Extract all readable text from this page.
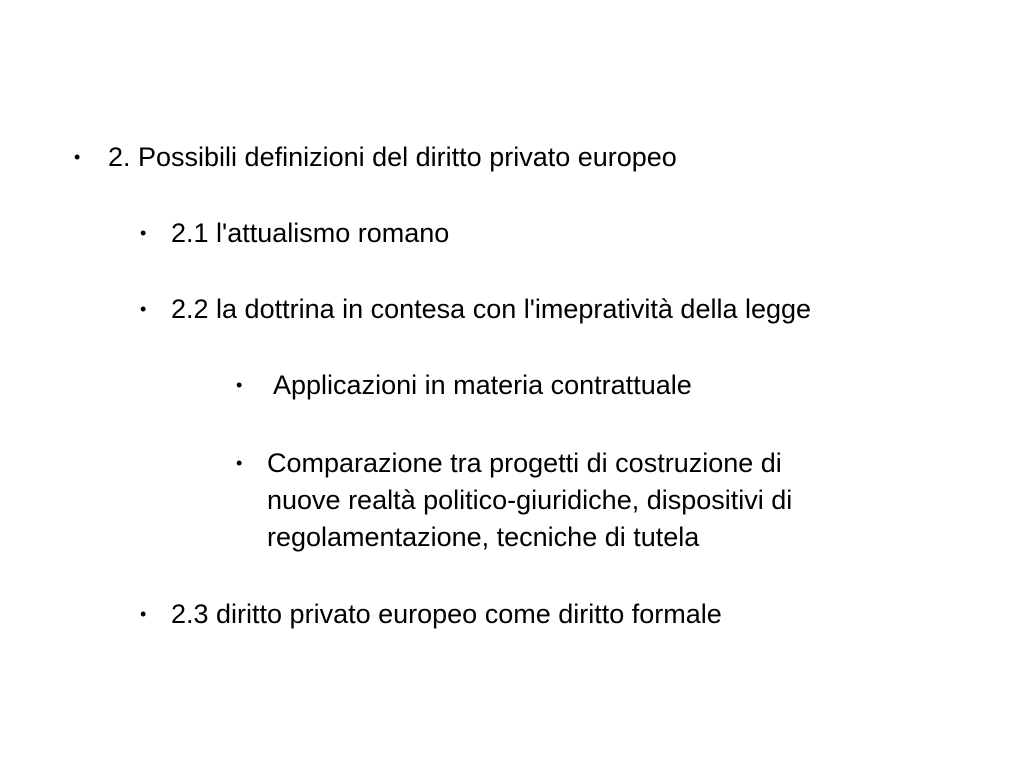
• 2. Possibili definizioni del diritto privato europeo
• 2.1 l'attualismo romano
• 2.2 la dottrina in contesa con l'imepratività della legge
• Applicazioni in materia contrattuale
• Comparazione tra progetti di costruzione di
nuove realtà politico-giuridiche, dispositivi di
regolamentazione, tecniche di tutela
• 2.3 diritto privato europeo come diritto formale
